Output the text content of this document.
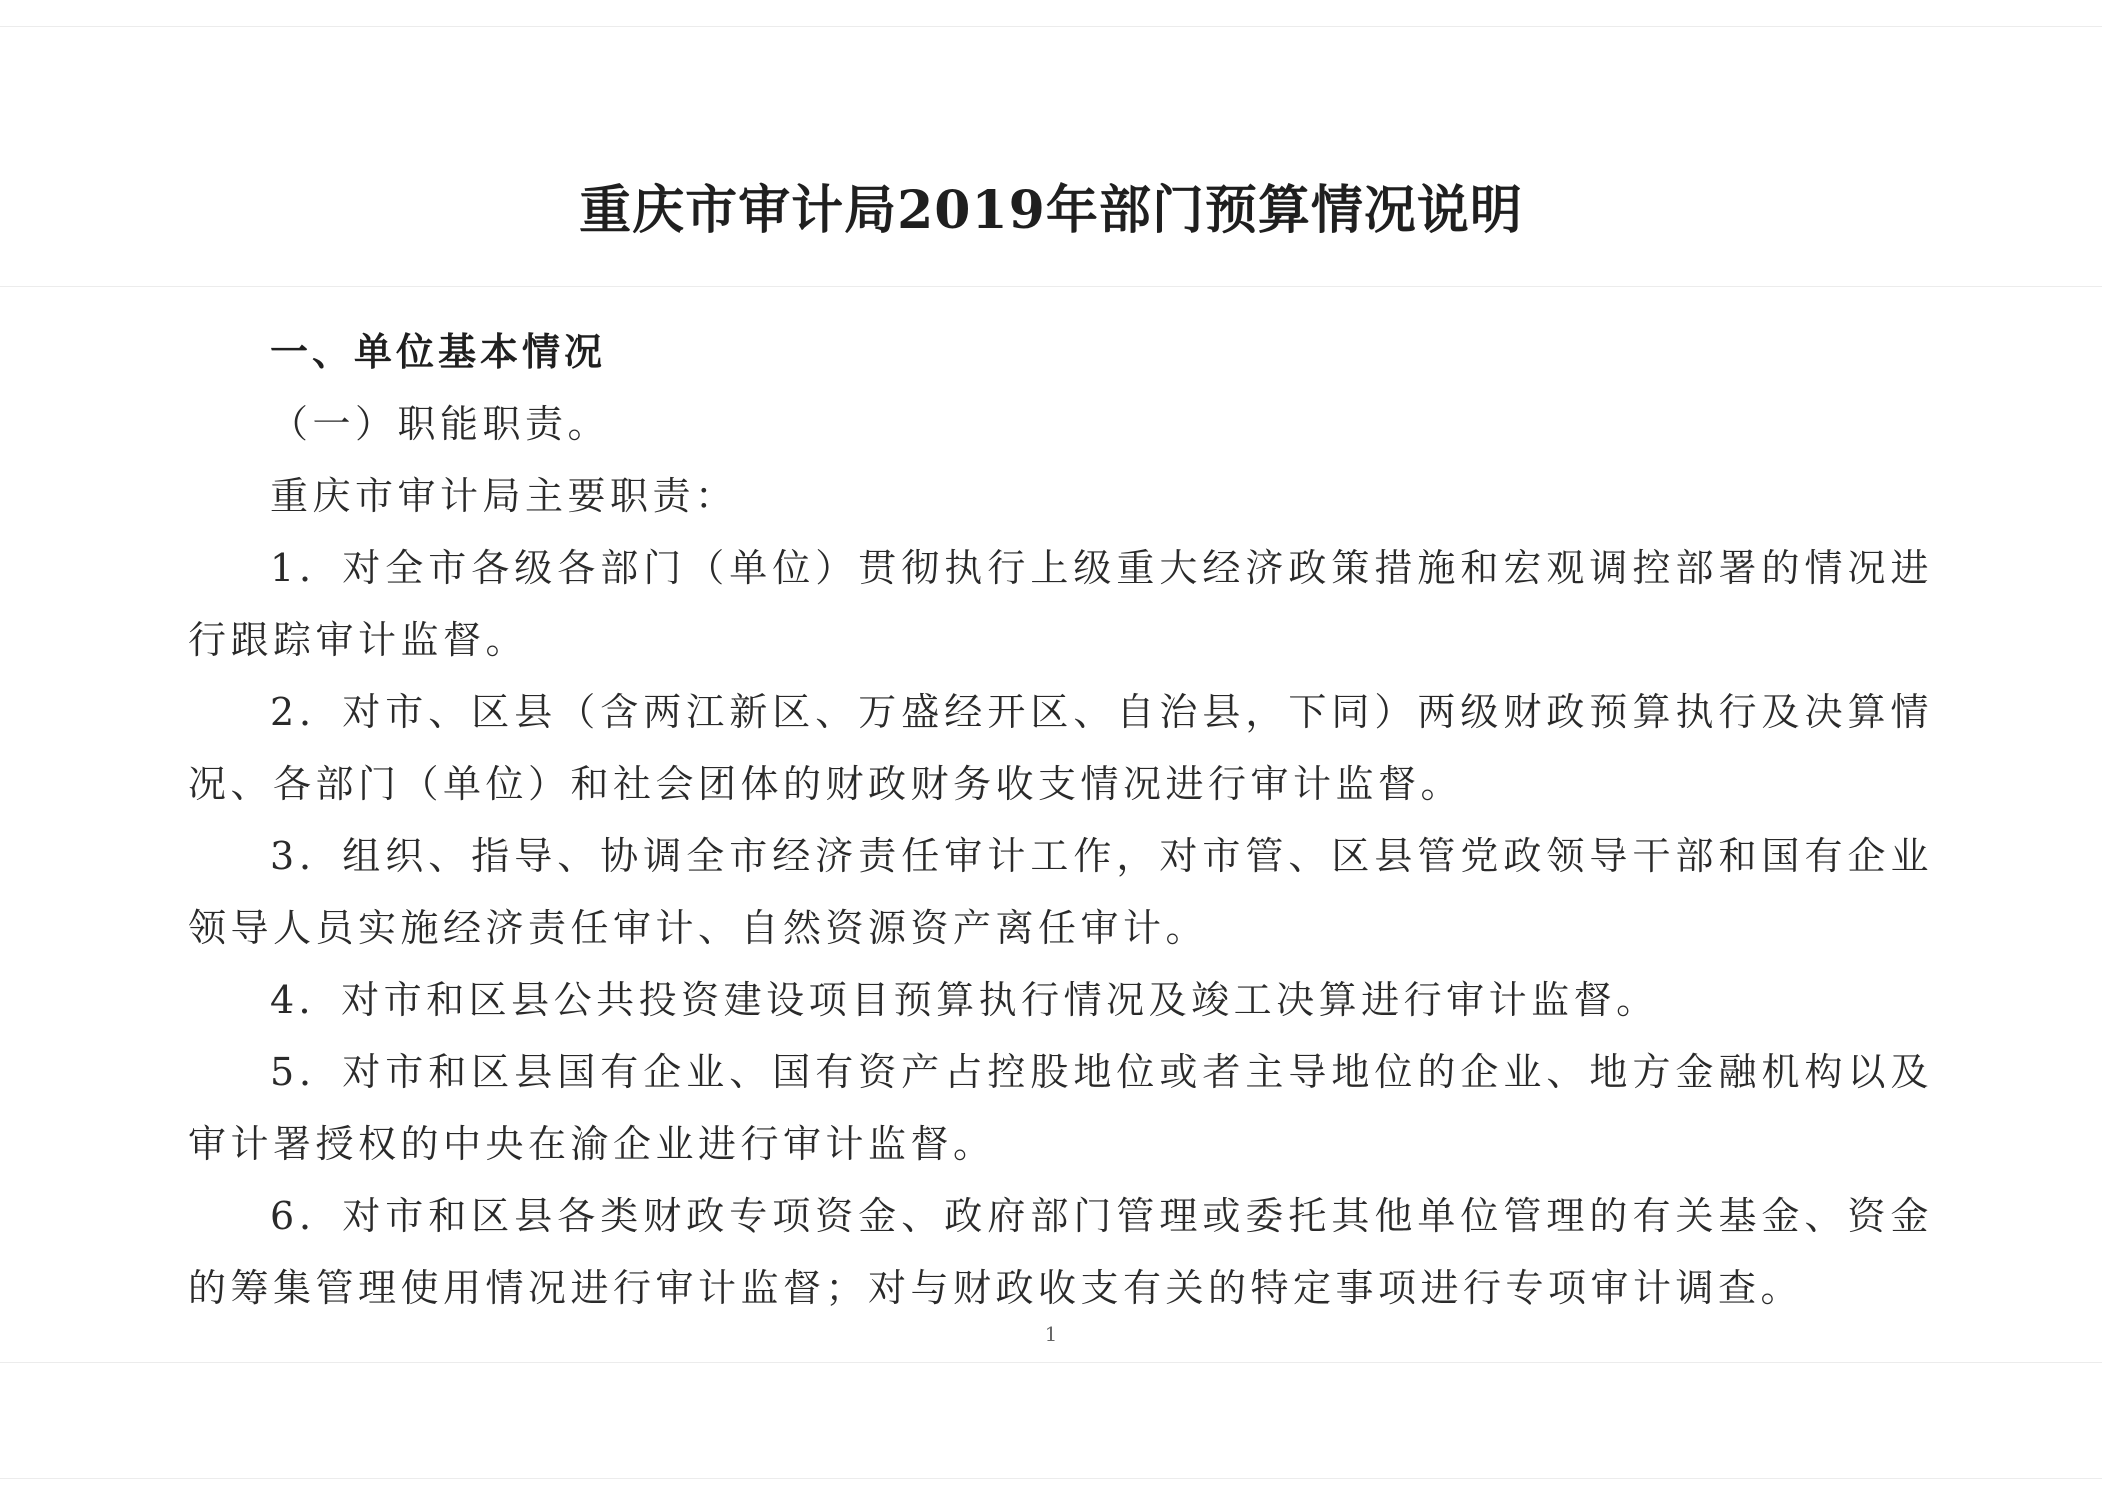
重庆市审计局2019年部门预算情况说明

一、单位基本情况

（一）职能职责。

重庆市审计局主要职责：

1．对全市各级各部门（单位）贯彻执行上级重大经济政策措施和宏观调控部署的情况进行跟踪审计监督。

2．对市、区县（含两江新区、万盛经开区、自治县，下同）两级财政预算执行及决算情况、各部门（单位）和社会团体的财政财务收支情况进行审计监督。

3．组织、指导、协调全市经济责任审计工作，对市管、区县管党政领导干部和国有企业领导人员实施经济责任审计、自然资源资产离任审计。

4．对市和区县公共投资建设项目预算执行情况及竣工决算进行审计监督。

5．对市和区县国有企业、国有资产占控股地位或者主导地位的企业、地方金融机构以及审计署授权的中央在渝企业进行审计监督。

6．对市和区县各类财政专项资金、政府部门管理或委托其他单位管理的有关基金、资金的筹集管理使用情况进行审计监督；对与财政收支有关的特定事项进行专项审计调查。

1
